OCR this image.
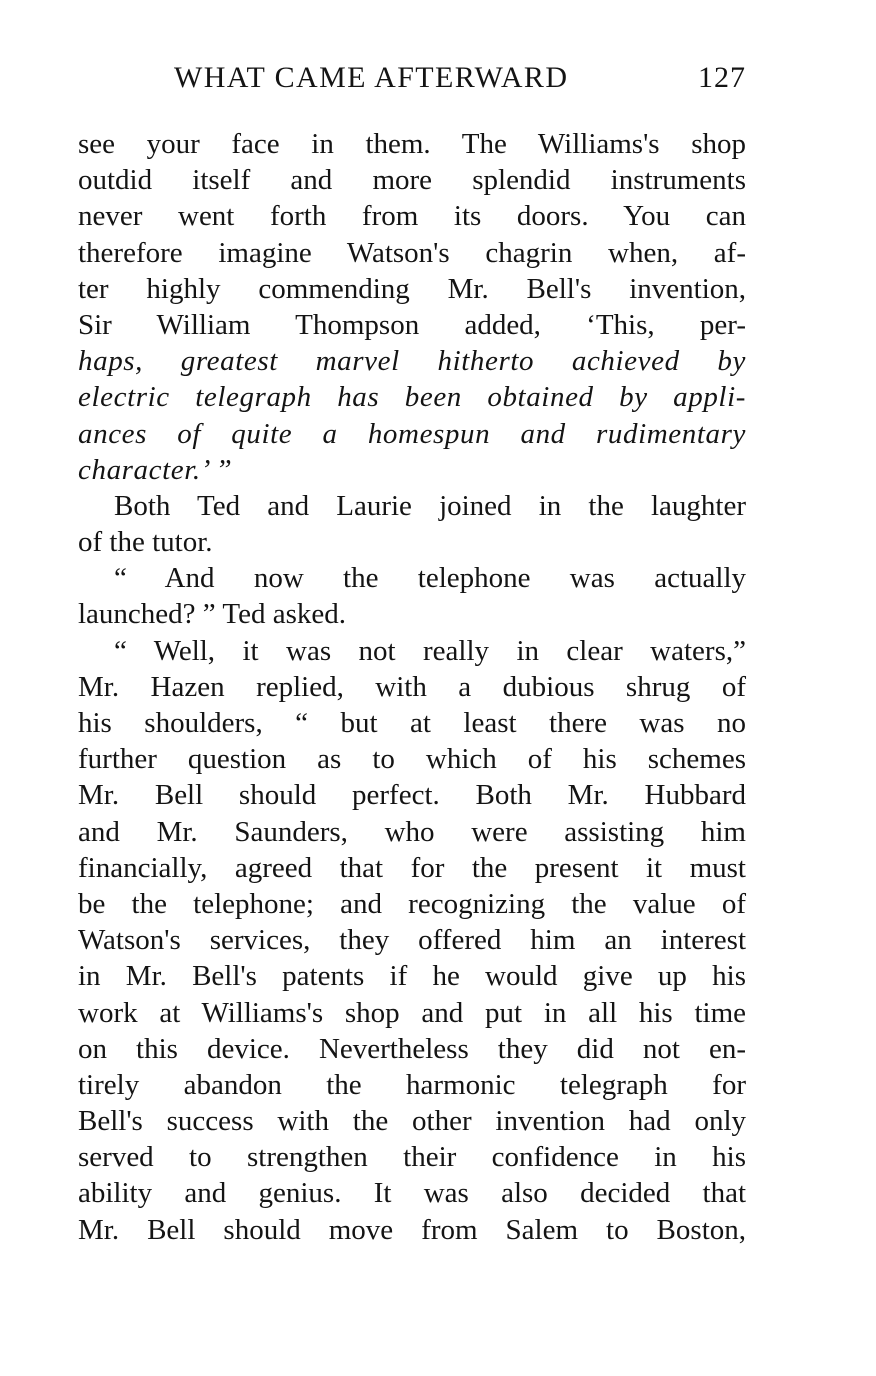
WHAT CAME AFTERWARD	127
see your face in them. The Williams's shop
outdid itself and more splendid instruments
never went forth from its doors. You can
therefore imagine Watson's chagrin when, af-
ter highly commending Mr. Bell's invention,
Sir William Thompson added, ‘This, per-
haps, greatest marvel hitherto achieved by
electric telegraph has been obtained by appli-
ances of quite a homespun and rudimentary
character.’ ”
Both Ted and Laurie joined in the laughter
of the tutor.
“ And now the telephone was actually
launched? ” Ted asked.
“ Well, it was not really in clear waters,”
Mr. Hazen replied, with a dubious shrug of
his shoulders, “ but at least there was no
further question as to which of his schemes
Mr. Bell should perfect. Both Mr. Hubbard
and Mr. Saunders, who were assisting him
financially, agreed that for the present it must
be the telephone; and recognizing the value of
Watson's services, they offered him an interest
in Mr. Bell's patents if he would give up his
work at Williams's shop and put in all his time
on this device. Nevertheless they did not en-
tirely abandon the harmonic telegraph for
Bell's success with the other invention had only
served to strengthen their confidence in his
ability and genius. It was also decided that
Mr. Bell should move from Salem to Boston,
